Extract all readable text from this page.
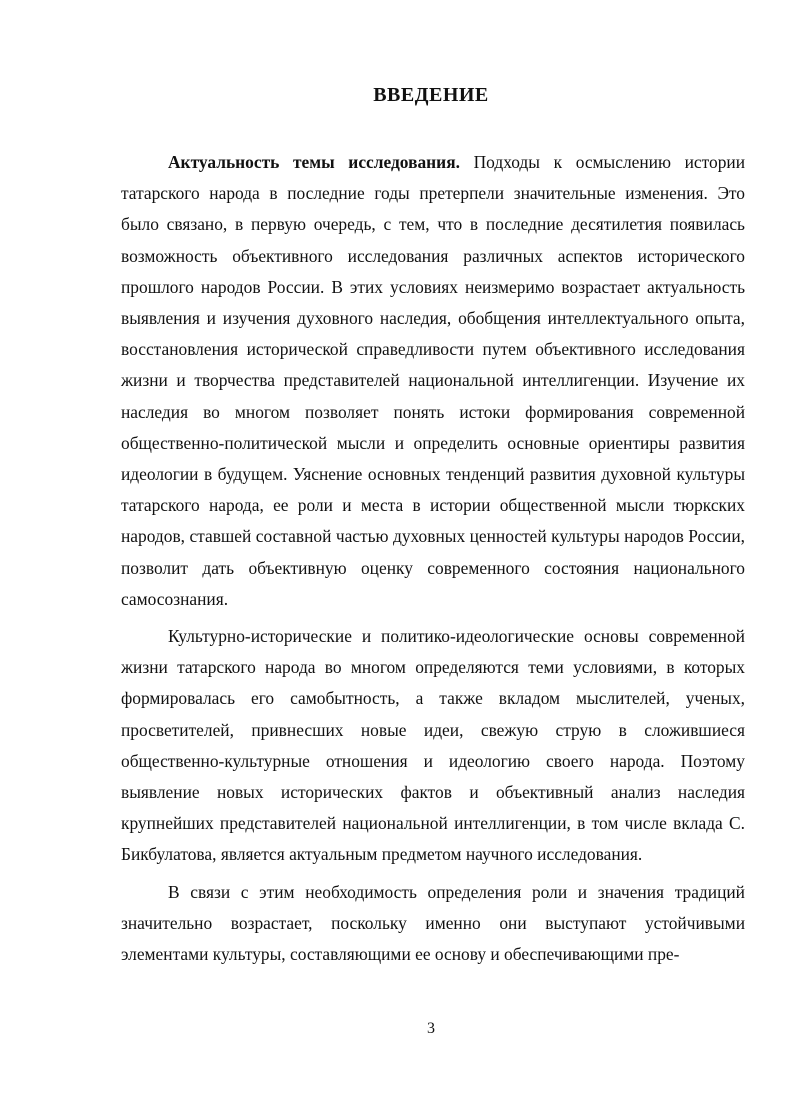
ВВЕДЕНИЕ

Актуальность темы исследования. Подходы к осмыслению истории татарского народа в последние годы претерпели значительные изменения. Это было связано, в первую очередь, с тем, что в последние десятилетия появилась возможность объективного исследования различных аспектов исторического прошлого народов России. В этих условиях неизмеримо возрастает актуальность выявления и изучения духовного наследия, обобщения интеллектуального опыта, восстановления исторической справедливости путем объективного исследования жизни и творчества представителей национальной интеллигенции. Изучение их наследия во многом позволяет понять истоки формирования современной общественно-политической мысли и определить основные ориентиры развития идеологии в будущем. Уяснение основных тенденций развития духовной культуры татарского народа, ее роли и места в истории общественной мысли тюркских народов, ставшей составной частью духовных ценностей культуры народов России, позволит дать объективную оценку современного состояния национального самосознания.

Культурно-исторические и политико-идеологические основы современной жизни татарского народа во многом определяются теми условиями, в которых формировалась его самобытность, а также вкладом мыслителей, ученых, просветителей, привнесших новые идеи, свежую струю в сложившиеся общественно-культурные отношения и идеологию своего народа. Поэтому выявление новых исторических фактов и объективный анализ наследия крупнейших представителей национальной интеллигенции, в том числе вклада С. Бикбулатова, является актуальным предметом научного исследования.

В связи с этим необходимость определения роли и значения традиций значительно возрастает, поскольку именно они выступают устойчивыми элементами культуры, составляющими ее основу и обеспечивающими пре-

3
